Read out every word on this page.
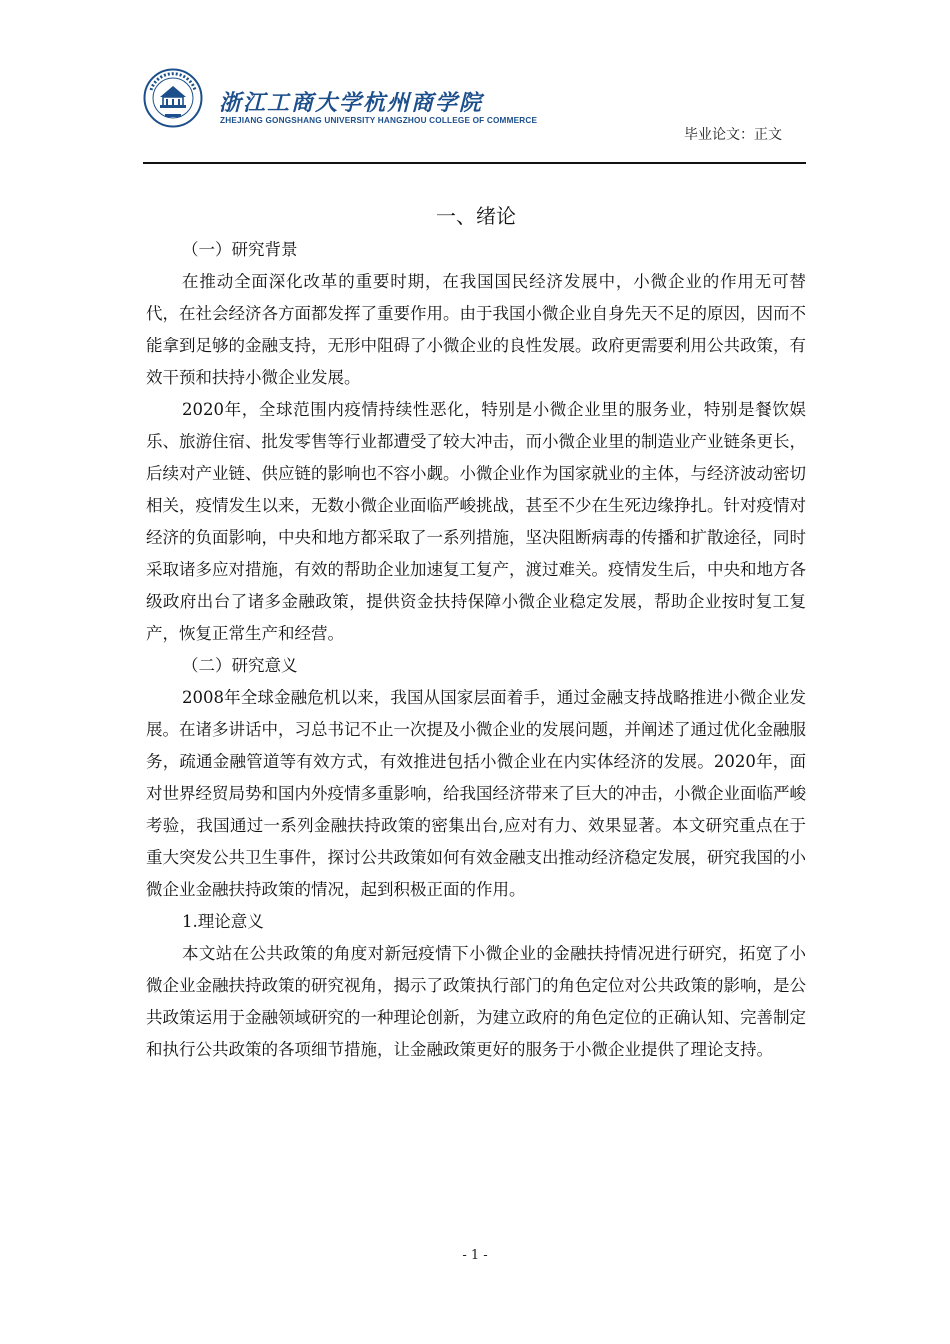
浙江工商大学杭州商学院
ZHEJIANG GONGSHANG UNIVERSITY HANGZHOU COLLEGE OF COMMERCE
毕业论文：正文
一、绪论

（一）研究背景

在推动全面深化改革的重要时期，在我国国民经济发展中，小微企业的作用无可替代，在社会经济各方面都发挥了重要作用。由于我国小微企业自身先天不足的原因，因而不能拿到足够的金融支持，无形中阻碍了小微企业的良性发展。政府更需要利用公共政策，有效干预和扶持小微企业发展。

2020年，全球范围内疫情持续性恶化，特别是小微企业里的服务业，特别是餐饮娱乐、旅游住宿、批发零售等行业都遭受了较大冲击，而小微企业里的制造业产业链条更长，后续对产业链、供应链的影响也不容小觑。小微企业作为国家就业的主体，与经济波动密切相关，疫情发生以来，无数小微企业面临严峻挑战，甚至不少在生死边缘挣扎。针对疫情对经济的负面影响，中央和地方都采取了一系列措施，坚决阻断病毒的传播和扩散途径，同时采取诸多应对措施，有效的帮助企业加速复工复产，渡过难关。疫情发生后，中央和地方各级政府出台了诸多金融政策，提供资金扶持保障小微企业稳定发展，帮助企业按时复工复产，恢复正常生产和经营。

（二）研究意义

2008年全球金融危机以来，我国从国家层面着手，通过金融支持战略推进小微企业发展。在诸多讲话中，习总书记不止一次提及小微企业的发展问题，并阐述了通过优化金融服务，疏通金融管道等有效方式，有效推进包括小微企业在内实体经济的发展。2020年，面对世界经贸局势和国内外疫情多重影响，给我国经济带来了巨大的冲击，小微企业面临严峻考验，我国通过一系列金融扶持政策的密集出台,应对有力、效果显著。本文研究重点在于重大突发公共卫生事件，探讨公共政策如何有效金融支出推动经济稳定发展，研究我国的小微企业金融扶持政策的情况，起到积极正面的作用。

1.理论意义

本文站在公共政策的角度对新冠疫情下小微企业的金融扶持情况进行研究，拓宽了小微企业金融扶持政策的研究视角，揭示了政策执行部门的角色定位对公共政策的影响，是公共政策运用于金融领域研究的一种理论创新，为建立政府的角色定位的正确认知、完善制定和执行公共政策的各项细节措施，让金融政策更好的服务于小微企业提供了理论支持。

- 1 -
